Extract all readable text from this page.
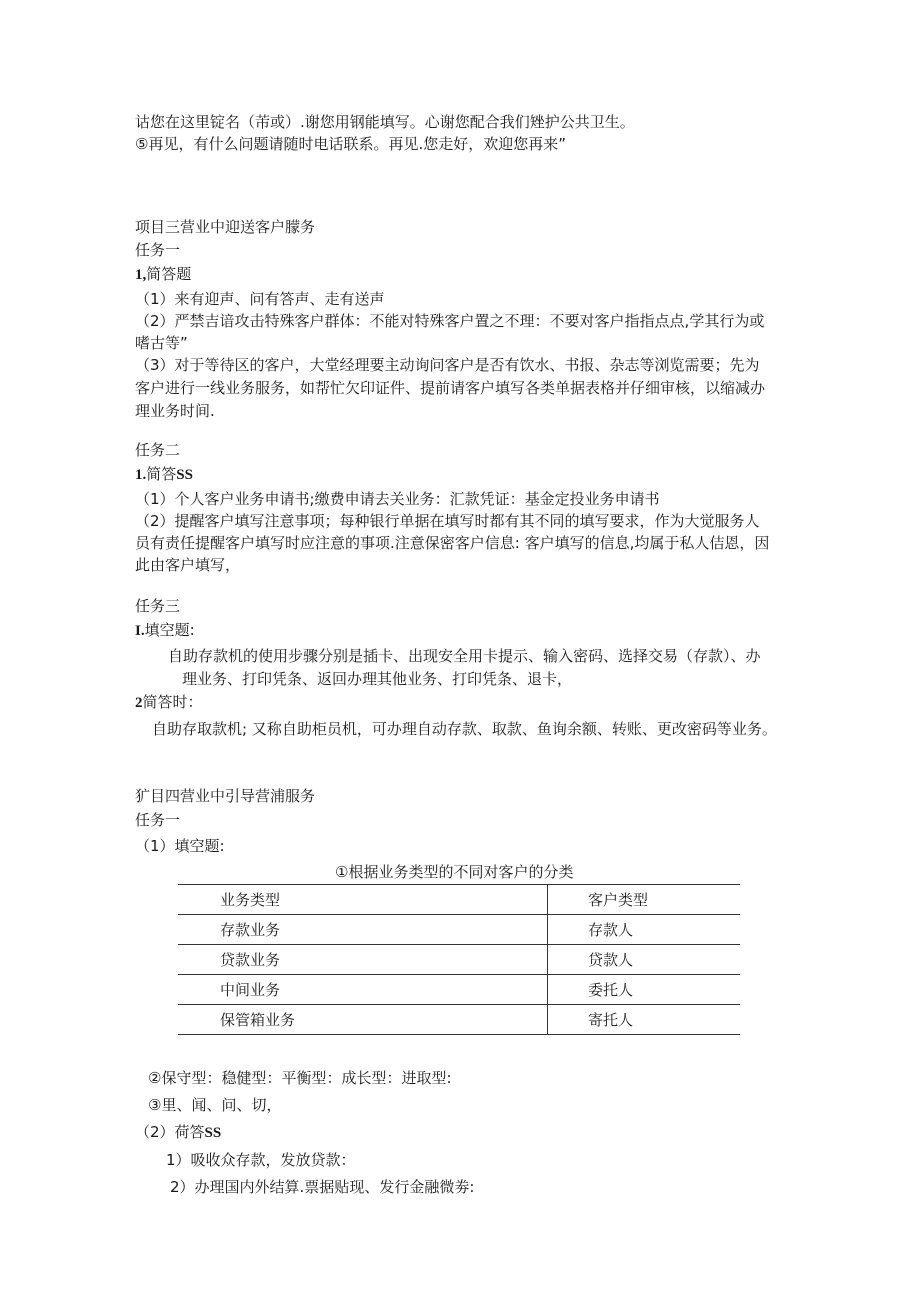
诂您在这里锭名（芾或）.谢您用钢能填写。心谢您配合我们矬护公共卫生。
⑤再见，有什么问题请随时电话联系。再见.您走好，欢迎您再来”
项目三营业中迎送客户朦务
任务一
1,简答题
（1）来有迎声、问有答声、走有送声
（2）严禁吉谙攻击特殊客户群体：不能对特殊客户置之不理：不要对客户指指点点,学其行为或
嗜古等”
（3）对于等待区的客户，大堂经理要主动询问客户是否有饮水、书报、杂志等浏览需要；先为
客户进行一线业务服务，如帮忙欠印证件、提前请客户填写各类单据表格并仔细审核，以缩减办
理业务时间.
任务二
1.简答SS
（1）个人客户业务申请书;缴费申请去关业务：汇款凭证：基金定投业务申请书
（2）提醒客户填写注意事项；每种银行单据在填写时都有其不同的填写要求，作为大觉服务人
员有责任提醒客户填写时应注意的事项.注意保密客户信息: 客户填写的信息,均属于私人佶恩，因
此由客户填写，
任务三
I.填空题:
自助存款机的使用步骤分别是插卡、出现安全用卡提示、输入密码、选择交易（存款）、办
理业务、打印凭条、返回办理其他业务、打印凭条、退卡，
2简答时：
自助存取款机; 又称自助柜员机，可办理自动存款、取款、鱼询余额、转账、更改密码等业务。
犷目四营业中引导营浦服务
任务一
（1）填空题:
①根据业务类型的不同对客户的分类
业务类型	客户类型
存款业务	存款人
贷款业务	贷款人
中间业务	委托人
保管箱业务	寄托人
②保守型：稳健型：平衡型：成长型：进取型:
③里、闻、问、切，
（2）荷答SS
1）吸收众存款，发放贷款：
2）办理国内外结算.票据贴现、发行金融微劵:
